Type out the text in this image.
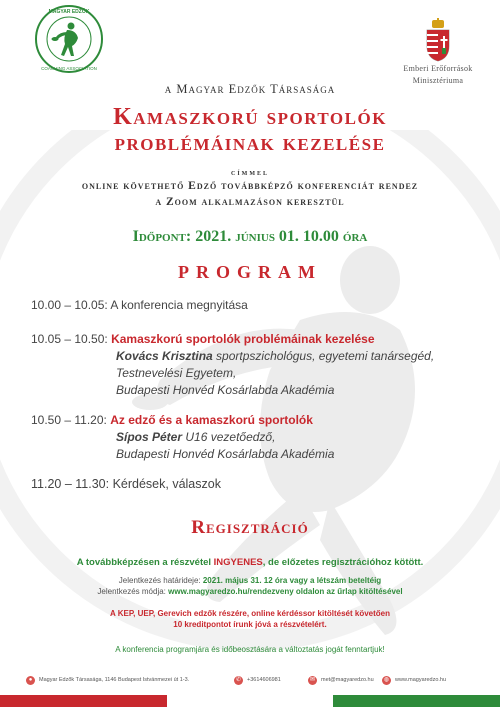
MAGYAR EDZŐK
COACHING ASSOCIATION	Emberi Erőforrások
Minisztériuma
a Magyar Edzők Társasága
Kamaszkorú sportolók
problémáinak kezelése
címmel
online követhető Edző továbbképző konferenciát rendez
a Zoom alkalmazáson keresztül
Időpont: 2021. június 01. 10.00 óra
PROGRAM
10.00 – 10.05: A konferencia megnyitása
10.05 – 10.50: Kamaszkorú sportolók problémáinak kezelése
Kovács Krisztina sportpszichológus, egyetemi tanársegéd,
Testnevelési Egyetem,
Budapesti Honvéd Kosárlabda Akadémia
10.50 – 11.20: Az edző és a kamaszkorú sportolók
Sípos Péter U16 vezetőedző,
Budapesti Honvéd Kosárlabda Akadémia
11.20 – 11.30: Kérdések, válaszok
Regisztráció
A továbbképzésen a részvétel INGYENES, de előzetes regisztrációhoz kötött.
Jelentkezés határideje: 2021. május 31. 12 óra vagy a létszám beteltéig
Jelentkezés módja: www.magyaredzo.hu/rendezveny oldalon az űrlap kitöltésével
A KEP, UEP, Gerevich edzők részére, online kérdéssor kitöltését követően
10 kreditpontot írunk jóvá a részvételért.
A konferencia programjára és időbeosztására a változtatás jogát fenntartjuk!
●	Magyar Edzők Társasága, 1146 Budapest Istvánmezei út 1-3.	✆	+3614606981	✉	met@magyaredzo.hu	◍	www.magyaredzo.hu
